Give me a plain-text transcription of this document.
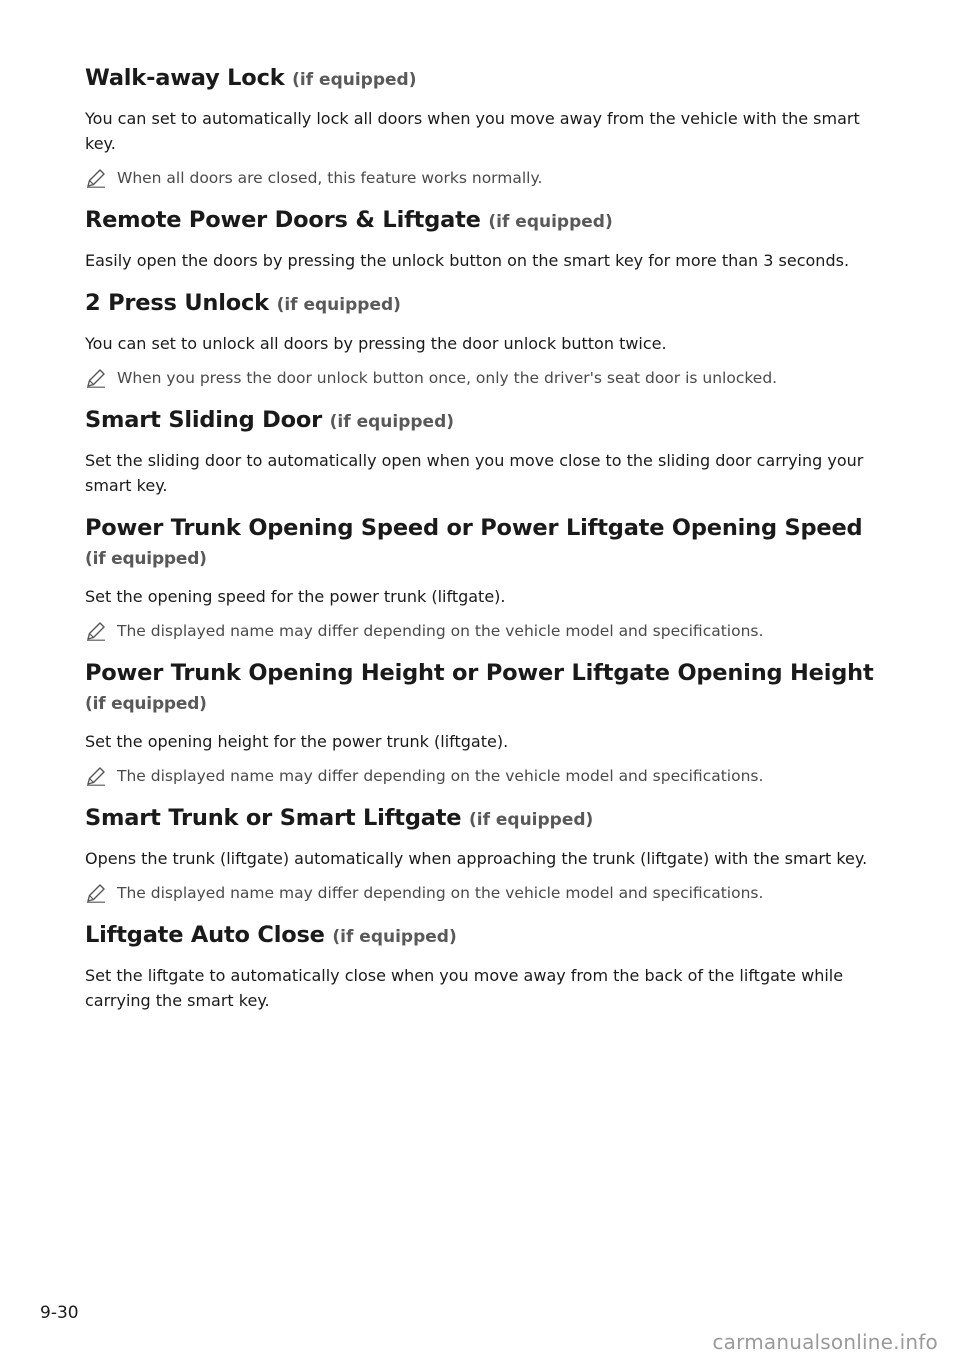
Walk-away Lock (if equipped)

You can set to automatically lock all doors when you move away from the vehicle with the smart key.

When all doors are closed, this feature works normally.
Remote Power Doors & Liftgate (if equipped)

Easily open the doors by pressing the unlock button on the smart key for more than 3 seconds.

2 Press Unlock (if equipped)

You can set to unlock all doors by pressing the door unlock button twice.

When you press the door unlock button once, only the driver's seat door is unlocked.
Smart Sliding Door (if equipped)

Set the sliding door to automatically open when you move close to the sliding door carrying your smart key.

Power Trunk Opening Speed or Power Liftgate Opening Speed
(if equipped)

Set the opening speed for the power trunk (liftgate).

The displayed name may differ depending on the vehicle model and specifications.
Power Trunk Opening Height or Power Liftgate Opening Height
(if equipped)

Set the opening height for the power trunk (liftgate).

The displayed name may differ depending on the vehicle model and specifications.
Smart Trunk or Smart Liftgate (if equipped)

Opens the trunk (liftgate) automatically when approaching the trunk (liftgate) with the smart key.

The displayed name may differ depending on the vehicle model and specifications.
Liftgate Auto Close (if equipped)

Set the liftgate to automatically close when you move away from the back of the liftgate while carrying the smart key.

9-30
carmanualsonline.info
